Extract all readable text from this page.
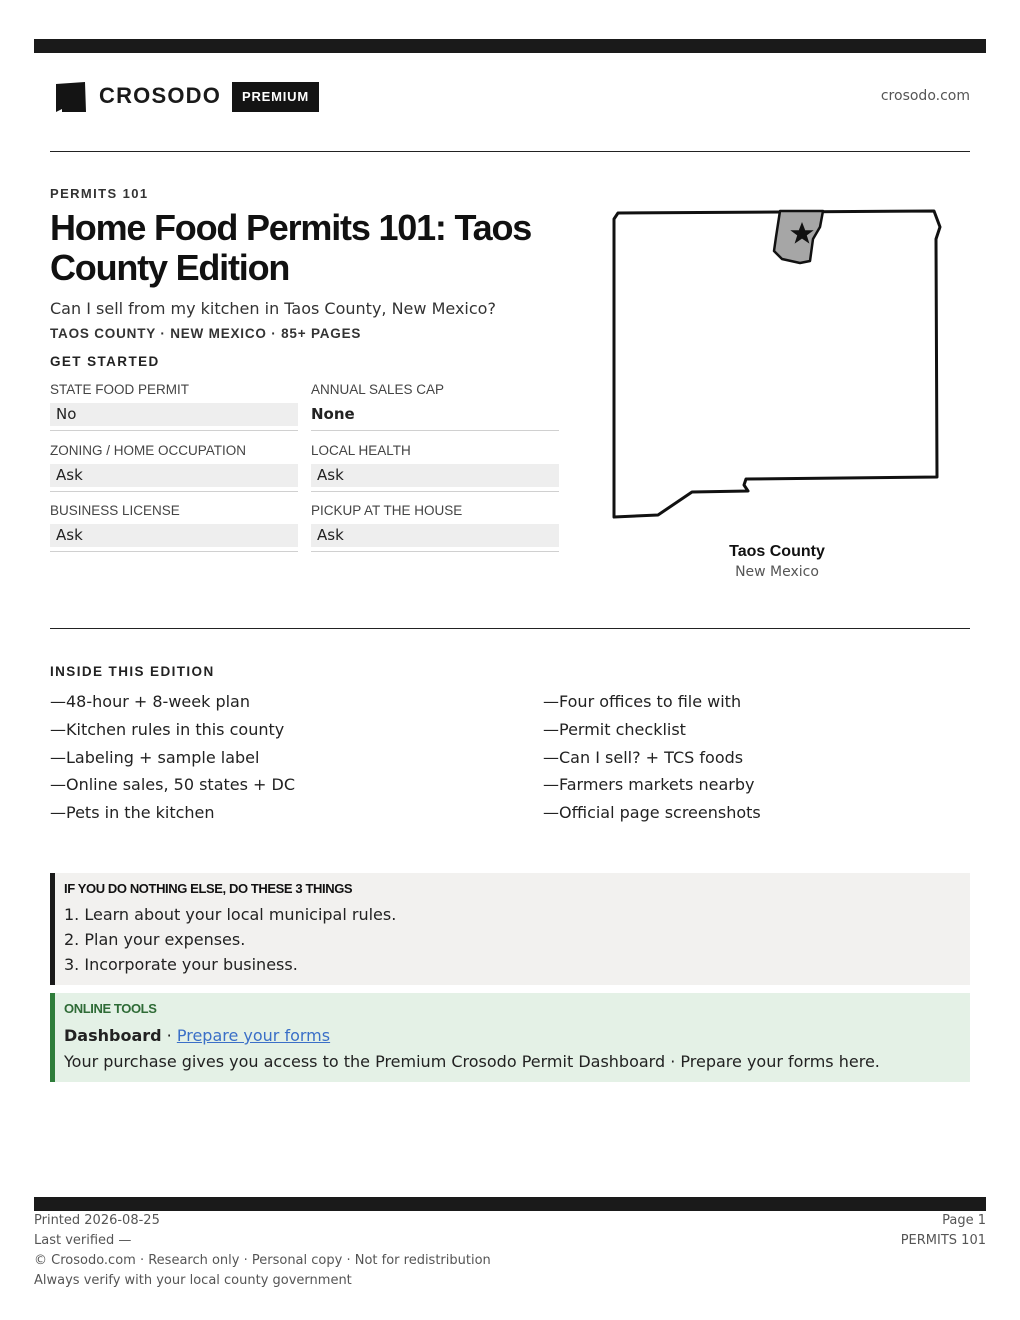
CROSODO	PREMIUM	crosodo.com
PERMITS 101
Home Food Permits 101: Taos County Edition
Can I sell from my kitchen in Taos County, New Mexico?
TAOS COUNTY · NEW MEXICO · 85+ PAGES
GET STARTED
STATE FOOD PERMIT
No
ANNUAL SALES CAP
None
ZONING / HOME OCCUPATION
Ask
LOCAL HEALTH
Ask
BUSINESS LICENSE
Ask
PICKUP AT THE HOUSE
Ask
Taos County
New Mexico
INSIDE THIS EDITION
—48-hour + 8-week plan
—Kitchen rules in this county
—Labeling + sample label
—Online sales, 50 states + DC
—Pets in the kitchen
—Four offices to file with
—Permit checklist
—Can I sell? + TCS foods
—Farmers markets nearby
—Official page screenshots
IF YOU DO NOTHING ELSE, DO THESE 3 THINGS
1. Learn about your local municipal rules.
2. Plan your expenses.
3. Incorporate your business.
ONLINE TOOLS
Dashboard · Prepare your forms
Your purchase gives you access to the Premium Crosodo Permit Dashboard · Prepare your forms here.
Printed 2026-08-25
Last verified —
© Crosodo.com · Research only · Personal copy · Not for redistribution
Always verify with your local county government
Page 1
PERMITS 101
